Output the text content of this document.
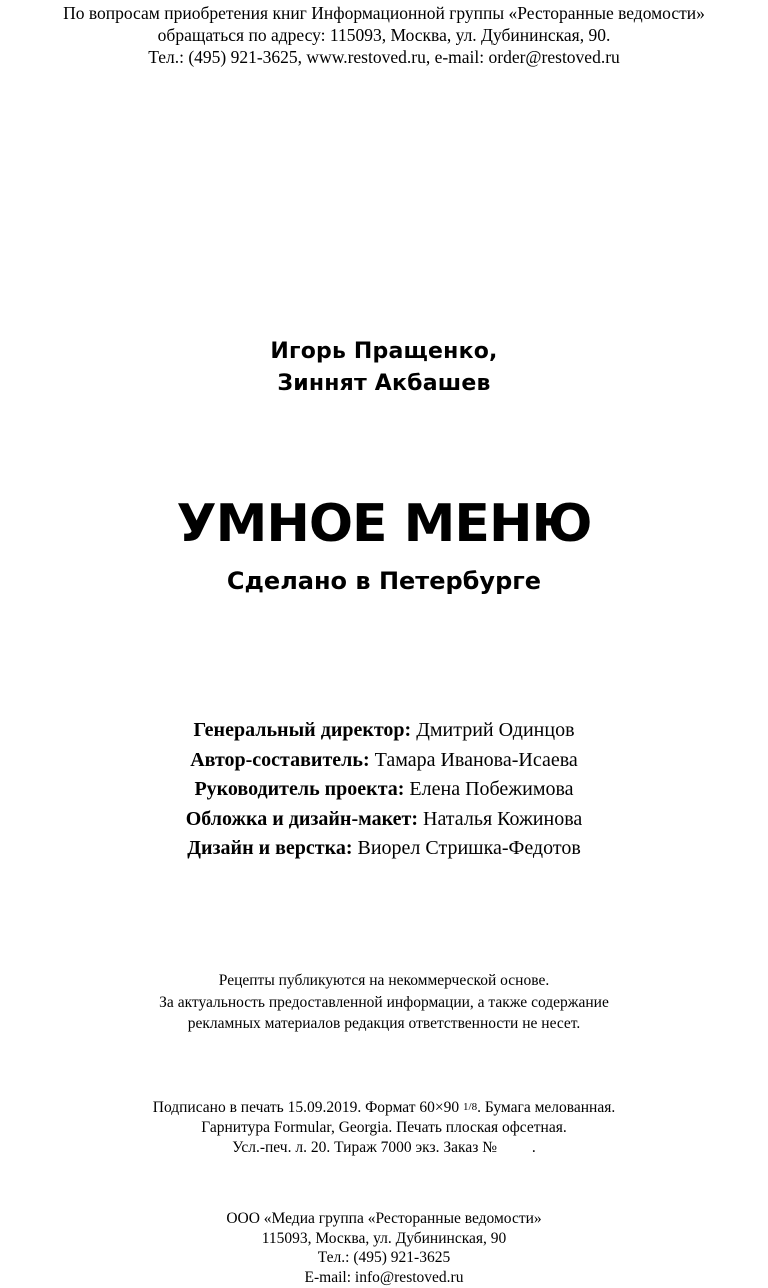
По вопросам приобретения книг Информационной группы «Ресторанные ведомости»
обращаться по адресу: 115093, Москва, ул. Дубининская, 90.
Тел.: (495) 921-3625, www.restoved.ru, e-mail: order@restoved.ru
Игорь Пращенко,
Зиннят Акбашев
УМНОЕ МЕНЮ
Сделано в Петербурге
Генеральный директор: Дмитрий Одинцов
Автор-составитель: Тамара Иванова-Исаева
Руководитель проекта: Елена Побежимова
Обложка и дизайн-макет: Наталья Кожинова
Дизайн и верстка: Виорел Стришка-Федотов
Рецепты публикуются на некоммерческой основе.
За актуальность предоставленной информации, а также содержание
рекламных материалов редакция ответственности не несет.
Подписано в печать 15.09.2019. Формат 60×90 1/8. Бумага мелованная.
Гарнитура Formular, Georgia. Печать плоская офсетная.
Усл.-печ. л. 20. Тираж 7000 экз. Заказ №         .
ООО «Медиа группа «Ресторанные ведомости»
115093, Москва, ул. Дубининская, 90
Тел.: (495) 921-3625
E-mail: info@restoved.ru
